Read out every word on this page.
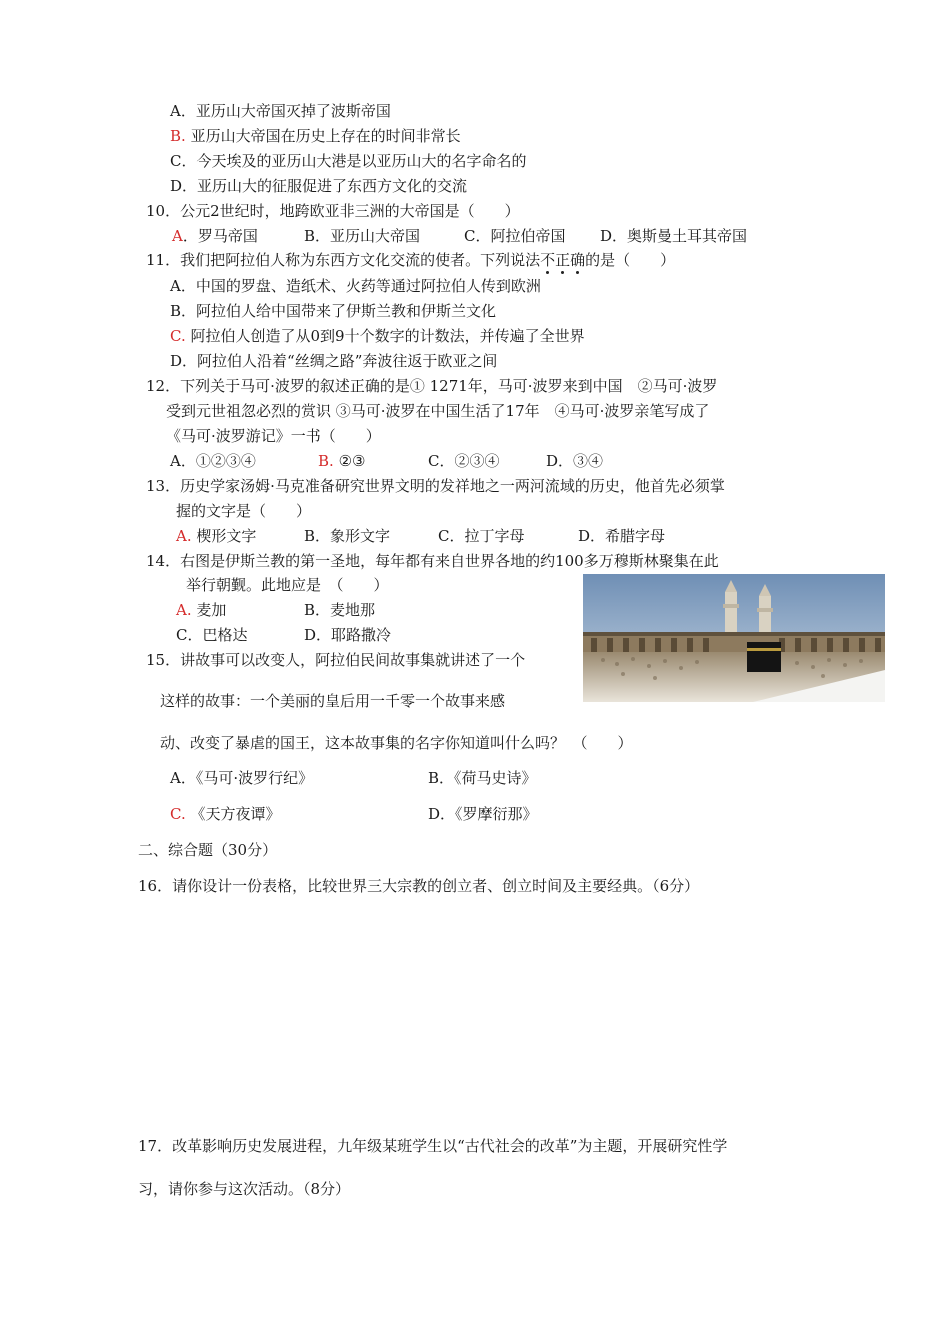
A．亚历山大帝国灭掉了波斯帝国
B. 亚历山大帝国在历史上存在的时间非常长
C．今天埃及的亚历山大港是以亚历山大的名字命名的
D．亚历山大的征服促进了东西方文化的交流
10．公元2世纪时，地跨欧亚非三洲的大帝国是（　　）
A．罗马帝国	B．亚历山大帝国	C．阿拉伯帝国 D．奥斯曼土耳其帝国
11．我们把阿拉伯人称为东西方文化交流的使者。下列说法不正确的是（　　）
A．中国的罗盘、造纸术、火药等通过阿拉伯人传到欧洲
B．阿拉伯人给中国带来了伊斯兰教和伊斯兰文化
C. 阿拉伯人创造了从0到9十个数字的计数法，并传遍了全世界
D．阿拉伯人沿着“丝绸之路”奔波往返于欧亚之间
12．下列关于马可·波罗的叙述正确的是① 1271年，马可·波罗来到中国　②马可·波罗
受到元世祖忽必烈的赏识 ③马可·波罗在中国生活了17年　④马可·波罗亲笔写成了
《马可·波罗游记》一书（　　）
A．①②③④	B. ②③	C．②③④	D．③④
13．历史学家汤姆·马克准备研究世界文明的发祥地之一两河流域的历史，他首先必须掌
握的文字是（　　）
A. 楔形文字	B．象形文字	C．拉丁字母	D．希腊字母
14．右图是伊斯兰教的第一圣地，每年都有来自世界各地的约100多万穆斯林聚集在此
举行朝觐。此地应是　（　　）
A. 麦加	B．麦地那
C．巴格达	D．耶路撒冷
15．讲故事可以改变人，阿拉伯民间故事集就讲述了一个
这样的故事：一个美丽的皇后用一千零一个故事来感
动、改变了暴虐的国王，这本故事集的名字你知道叫什么吗？　（　　）
A．《马可·波罗行纪》	B．《荷马史诗》
C. 《天方夜谭》	D．《罗摩衍那》
二、综合题（30分）
16．请你设计一份表格，比较世界三大宗教的创立者、创立时间及主要经典。（6分）
17．改革影响历史发展进程，九年级某班学生以“古代社会的改革”为主题，开展研究性学
习，请你参与这次活动。（8分）
